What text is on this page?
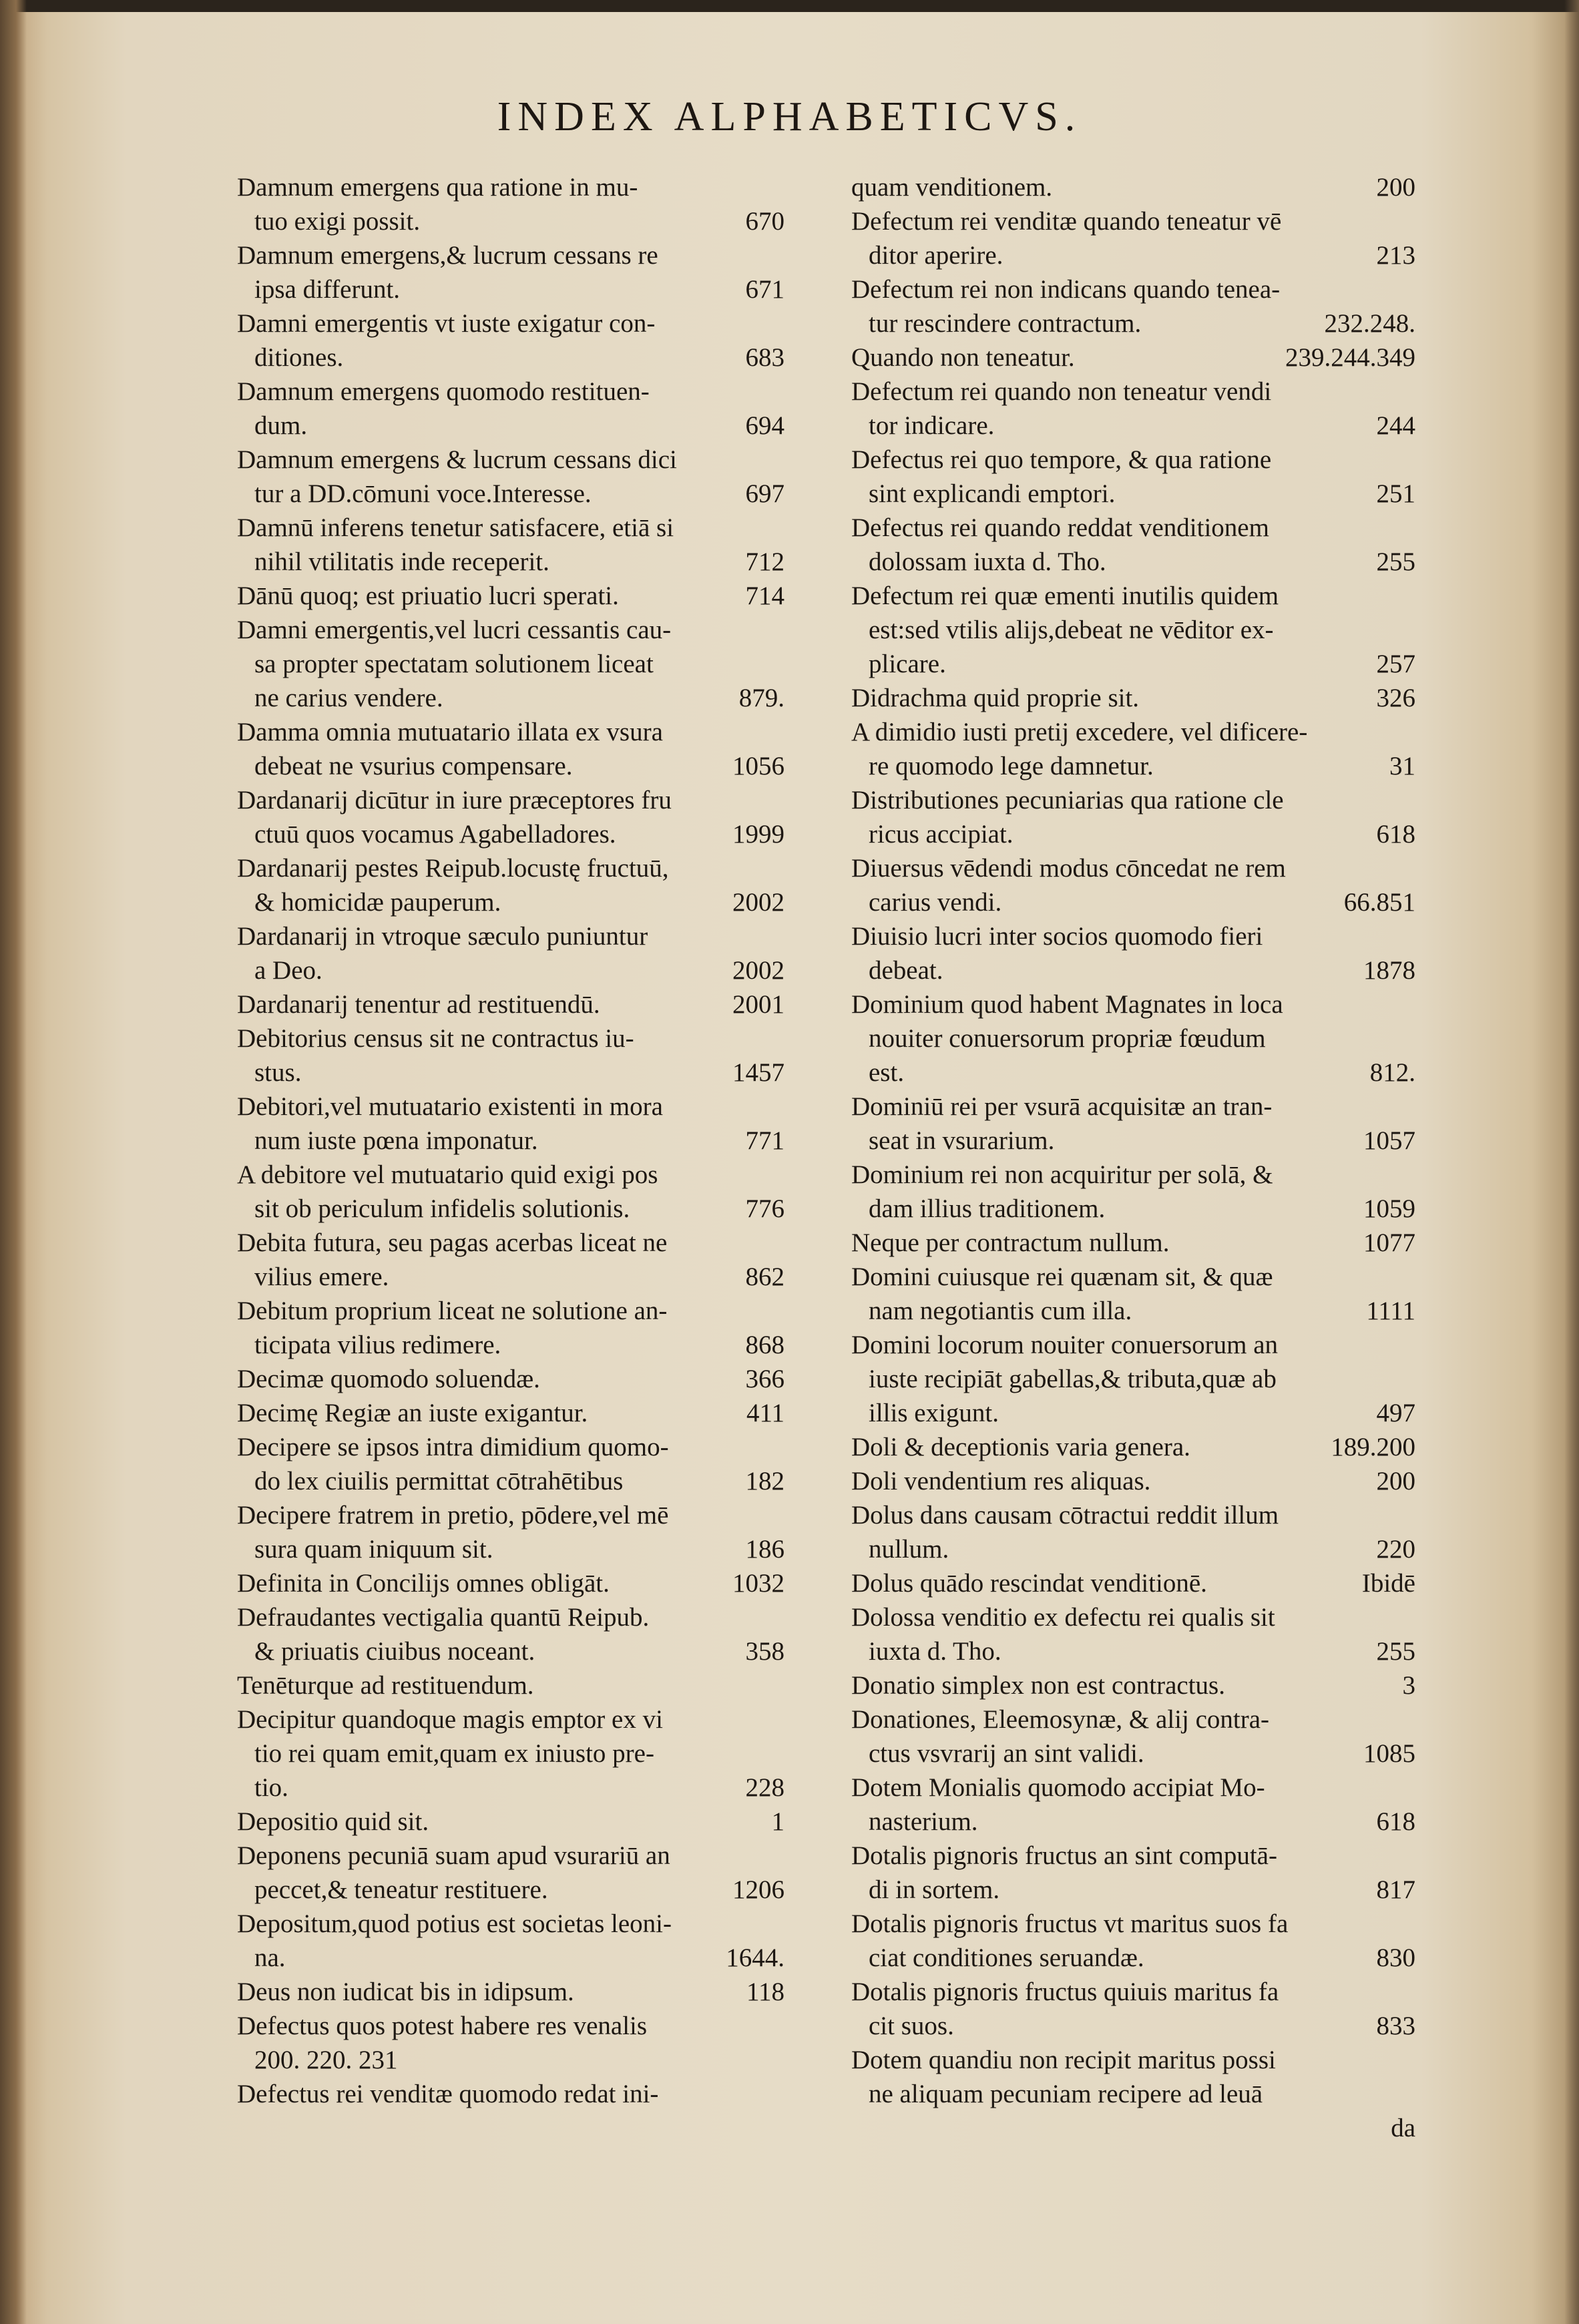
INDEX ALPHABETICVS.
Damnum emergens qua ratione in mu-
tuo exigi possit.	670
Damnum emergens,& lucrum cessans re
ipsa differunt.	671
Damni emergentis vt iuste exigatur con-
ditiones.	683
Damnum emergens quomodo restituen-
dum.	694
Damnum emergens & lucrum cessans dici
tur a DD.cōmuni voce.Interesse.	697
Damnū inferens tenetur satisfacere, etiā si
nihil vtilitatis inde receperit.	712
Dānū quoq; est priuatio lucri sperati.	714
Damni emergentis,vel lucri cessantis cau-
sa propter spectatam solutionem liceat
ne carius vendere.	879.
Damma omnia mutuatario illata ex vsura
debeat ne vsurius compensare.	1056
Dardanarij dicūtur in iure præceptores fru
ctuū quos vocamus Agabelladores.	1999
Dardanarij pestes Reipub.locustę fructuū,
& homicidæ pauperum.	2002
Dardanarij in vtroque sæculo puniuntur
a Deo.	2002
Dardanarij tenentur ad restituendū.	2001
Debitorius census sit ne contractus iu-
stus.	1457
Debitori,vel mutuatario existenti in mora
num iuste pœna imponatur.	771
A debitore vel mutuatario quid exigi pos
sit ob periculum infidelis solutionis.	776
Debita futura, seu pagas acerbas liceat ne
vilius emere.	862
Debitum proprium liceat ne solutione an-
ticipata vilius redimere.	868
Decimæ quomodo soluendæ.	366
Decimę Regiæ an iuste exigantur.	411
Decipere se ipsos intra dimidium quomo-
do lex ciuilis permittat cōtrahētibus	182
Decipere fratrem in pretio, pōdere,vel mē
sura quam iniquum sit.	186
Definita in Concilijs omnes obligāt.	1032
Defraudantes vectigalia quantū Reipub.
& priuatis ciuibus noceant.	358
Tenēturque ad restituendum.
Decipitur quandoque magis emptor ex vi
tio rei quam emit,quam ex iniusto pre-
tio.	228
Depositio quid sit.	1
Deponens pecuniā suam apud vsurariū an
peccet,& teneatur restituere.	1206
Depositum,quod potius est societas leoni-
na.	1644.
Deus non iudicat bis in idipsum.	118
Defectus quos potest habere res venalis
200. 220. 231
Defectus rei venditæ quomodo redat ini-
quam venditionem.	200
Defectum rei venditæ quando teneatur vē
ditor aperire.	213
Defectum rei non indicans quando tenea-
tur rescindere contractum.	232.248.
Quando non teneatur.	239.244.349
Defectum rei quando non teneatur vendi
tor indicare.	244
Defectus rei quo tempore, & qua ratione
sint explicandi emptori.	251
Defectus rei quando reddat venditionem
dolossam iuxta d. Tho.	255
Defectum rei quæ ementi inutilis quidem
est:sed vtilis alijs,debeat ne vēditor ex-
plicare.	257
Didrachma quid proprie sit.	326
A dimidio iusti pretij excedere, vel dificere-
re quomodo lege damnetur.	31
Distributiones pecuniarias qua ratione cle
ricus accipiat.	618
Diuersus vēdendi modus cōncedat ne rem
carius vendi.	66.851
Diuisio lucri inter socios quomodo fieri
debeat.	1878
Dominium quod habent Magnates in loca
nouiter conuersorum propriæ fœudum
est.	812.
Dominiū rei per vsurā acquisitæ an tran-
seat in vsurarium.	1057
Dominium rei non acquiritur per solā, &
dam illius traditionem.	1059
Neque per contractum nullum.	1077
Domini cuiusque rei quænam sit, & quæ
nam negotiantis cum illa.	1111
Domini locorum nouiter conuersorum an
iuste recipiāt gabellas,& tributa,quæ ab
illis exigunt.	497
Doli & deceptionis varia genera.	189.200
Doli vendentium res aliquas.	200
Dolus dans causam cōtractui reddit illum
nullum.	220
Dolus quādo rescindat venditionē.	Ibidē
Dolossa venditio ex defectu rei qualis sit
iuxta d. Tho.	255
Donatio simplex non est contractus.	3
Donationes, Eleemosynæ, & alij contra-
ctus vsvrarij an sint validi.	1085
Dotem Monialis quomodo accipiat Mo-
nasterium.	618
Dotalis pignoris fructus an sint computā-
di in sortem.	817
Dotalis pignoris fructus vt maritus suos fa
ciat conditiones seruandæ.	830
Dotalis pignoris fructus quiuis maritus fa
cit suos.	833
Dotem quandiu non recipit maritus possi
ne aliquam pecuniam recipere ad leuā
da
